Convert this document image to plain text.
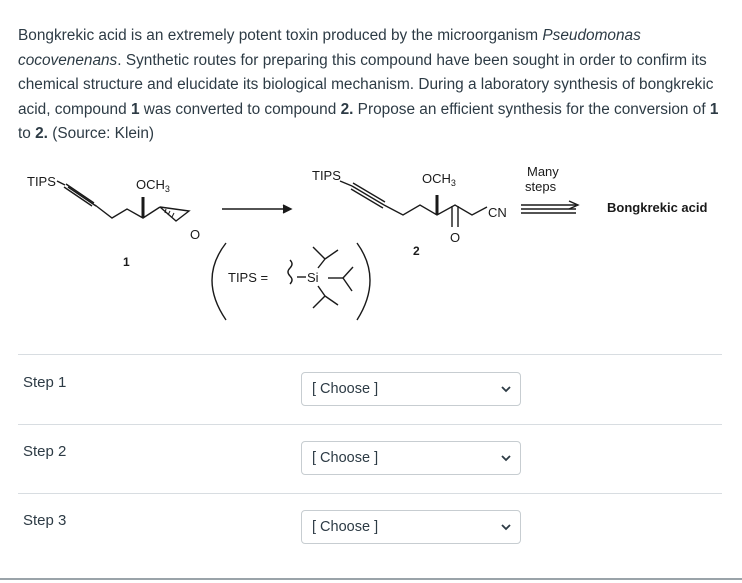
Bongkrekic acid is an extremely potent toxin produced by the microorganism Pseudomonas cocovenenans. Synthetic routes for preparing this compound have been sought in order to confirm its chemical structure and elucidate its biological mechanism. During a laboratory synthesis of bongkrekic acid, compound 1 was converted to compound 2. Propose an efficient synthesis for the conversion of 1 to 2. (Source: Klein)
TIPS	$OCH_3$
O
1
TIPS	$OCH_3$
CN
O
2
Many
steps
Bongkrekic acid
TIPS =	Si
Step 1	[ Choose ]
Step 2	[ Choose ]
Step 3	[ Choose ]
